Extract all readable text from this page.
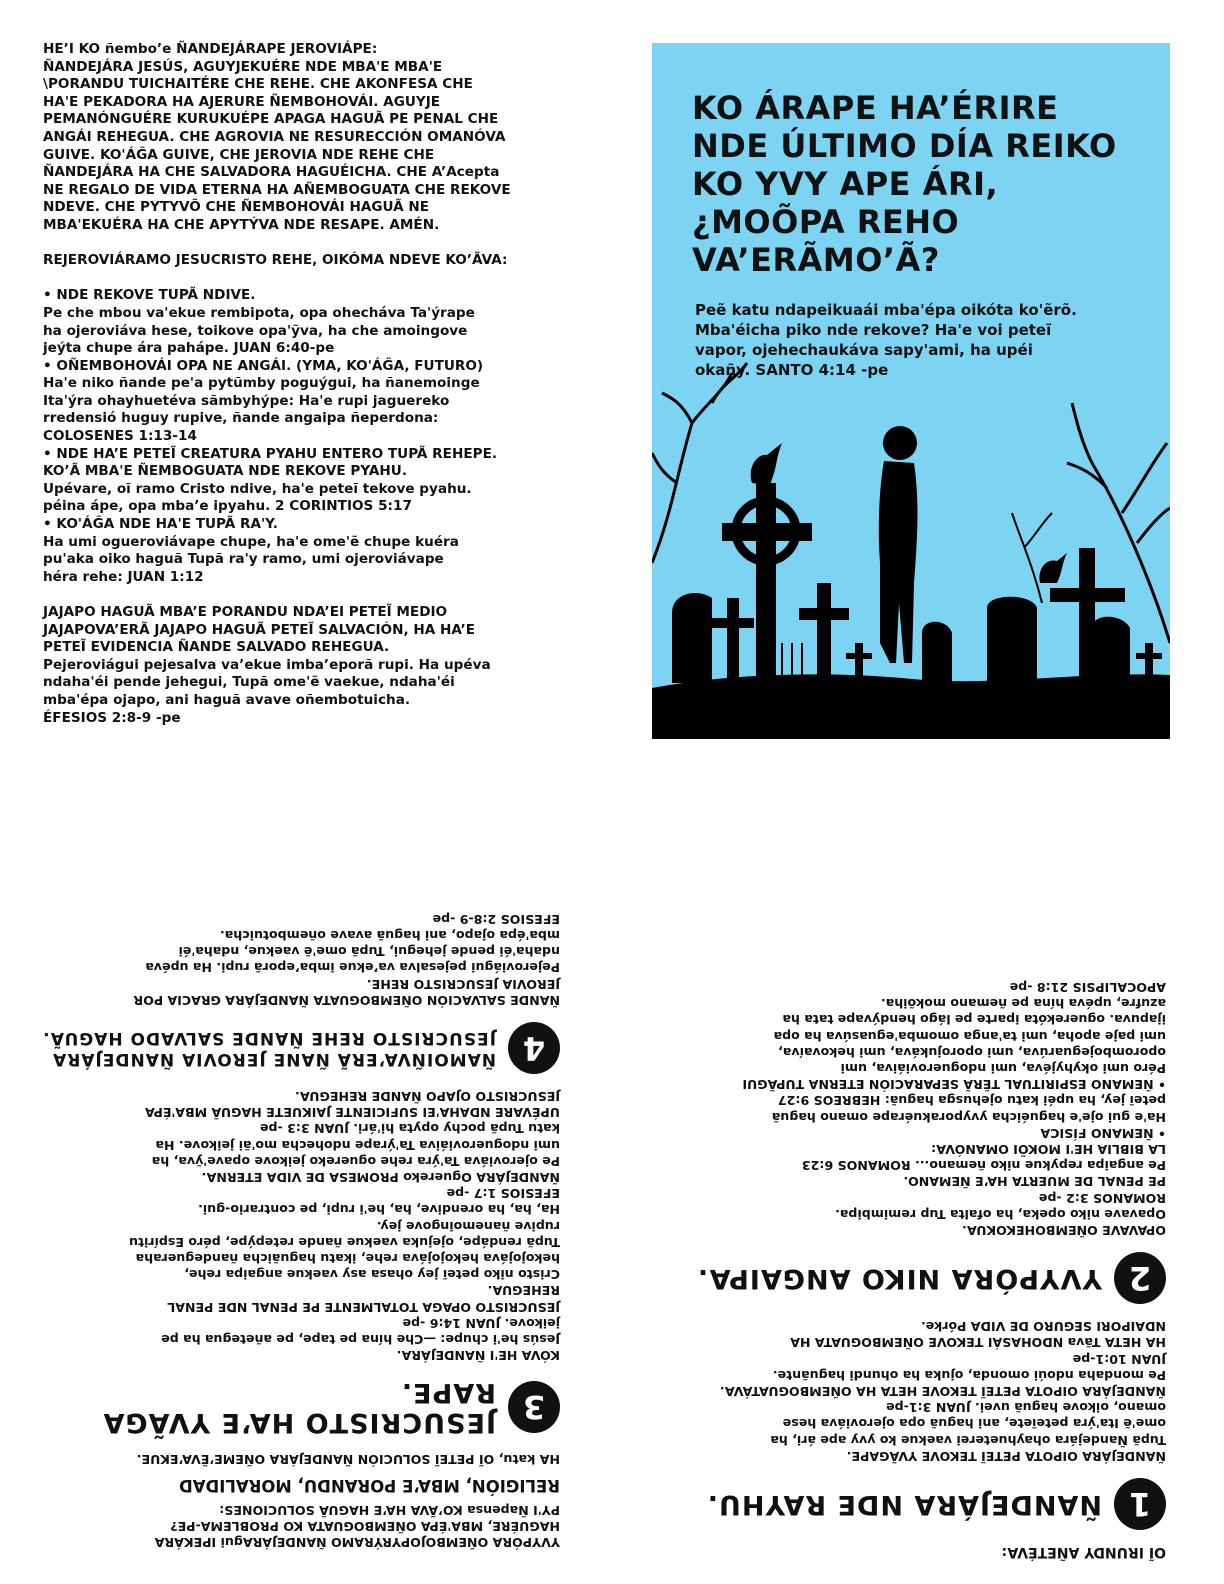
HE’I KO ñembo’e ÑANDEJÁRAPE JEROVIÁPE:
ÑANDEJÁRA JESÚS, AGUYJEKUÉRE NDE MBA'E MBA'E
\PORANDU TUICHAITÉRE CHE REHE. CHE AKONFESA CHE
HA'E PEKADORA HA AJERURE ÑEMBOHOVÁI. AGUYJE
PEMANÓNGUÉRE KURUKUÉPE APAGA HAGUÃ PE PENAL CHE
ANGÁI REHEGUA. CHE AGROVIA NE RESURECCIÓN OMANÓVA
GUIVE. KO'ÁĜA GUIVE, CHE JEROVIA NDE REHE CHE
ÑANDEJÁRA HA CHE SALVADORA HAGUÉICHA. CHE A’Acepta
NE REGALO DE VIDA ETERNA HA AÑEMBOGUATA CHE REKOVE
NDEVE. CHE PYTYVÕ CHE ÑEMBOHOVÁI HAGUÃ NE
MBA'EKUÉRA HA CHE APYTÝVA NDE RESAPE. AMÉN.

REJEROVIÁRAMO JESUCRISTO REHE, OIKÓMA NDEVE KO’ÃVA:

• NDE REKOVE TUPÃ NDIVE.
Pe che mbou va'ekue rembipota, opa ohecháva Ta'ýrape
ha ojeroviáva hese, toikove opa'ỹva, ha che amoingove
jeýta chupe ára paháре. JUAN 6:40-pe
• OÑEMBOHOVÁI OPA NE ANGÁI. (YMA, KO'ÁĜA, FUTURO)
Ha'e niko ñande pe'a pytũmby poguýgui, ha ñanemoinge
Ita'ýra ohayhuetéva sãmbyhýpe: Ha'e rupi jaguereko
rredensió huguy rupive, ñande angaipa ñeperdona:
COLOSENES 1:13-14
• NDE HA’E PETEĨ CREATURA PYAHU ENTERO TUPÃ REHEPE.
KO’Ã MBA'E ÑEMBOGUATA NDE REKOVE PYAHU.
Upévare, oĩ ramo Cristo ndive, ha'e peteĩ tekove pyahu.
péina ápe, opa mba’e ipyahu. 2 CORINTIOS 5:17
• KO'ÁĜA NDE HA'E TUPÃ RA'Y.
Ha umi ogueroviávape chupe, ha'e ome'ẽ chupe kuéra
pu'aka oiko haguã Tupã ra'y ramo, umi ojeroviávape
héra rehe: JUAN 1:12

JAJAPO HAGUÃ MBA’E PORANDU NDA’EI PETEĨ MEDIO
JAJAPOVA’ERÃ JAJAPO HAGUÃ PETEĨ SALVACIÓN, HA HA’E
PETEĨ EVIDENCIA ÑANDE SALVADO REHEGUA.
Pejeroviágui pejesalva va’ekue imba’eporã rupi. Ha upéva
ndaha'éi pende jehegui, Tupã ome'ẽ vaekue, ndaha'éi
mba'épa ojapo, ani haguã avave oñembotuicha.
ÉFESIOS 2:8-9 -pe

KO ÁRAPE HA’ÉRIRE
NDE ÚLTIMO DÍA REIKO
KO YVY APE ÁRI,
¿MOÕPA REHO
VA’ERÃMO’Ã?
Peẽ katu ndapeikuaái mba'épa oikóta ko'ẽrõ.
Mba'éicha piko nde rekove? Ha'e voi peteĩ
vapor, ojehechaukáva sapy'ami, ha upéi
okañy. SANTO 4:14 -pe

OĨ IRUNDY AÑETÉVA:

1
ÑANDEJÁRA NDE RAYHU.

ÑANDEJÁRA OIPOTA PETEĨ TEKOVE YVÃGAPE.
Tupã Ñandejára ohayhueterei vaekue ko yvy ape ári, ha
ome'ẽ Ita'ýra peteĩete, ani haguã opa ojeroviáva hese
omano, oikove haguã uvei. JUAN 3:1-pe
ÑANDEJÁRA OIPOTA PETEĨ TEKOVE HETA HA OÑEMBOGUATÁVA.
Pe mondaha ndoúi omonda, ojuka ha ohundi haguãnte.
JUAN 10:1-pe
HA HETA Tãva NDOHASÁI TEKOVE OÑEMBOGUATA HA
NDAIPORI SEGURO DE VIDA Pórke.

2
YVYPÓRA NIKO ANGAIPA.

OPAVAVE OÑEMBOHEKOKUA.
Opavave niko opeka, ha ofalta Tup remimbipa.
ROMANOS 3:2 -pe
PE PENAL DE MUERTA HA’E ÑEMANO.
Pe angaipa repykue niko ñemano... ROMANOS 6:23
LA BIBLIA HE'I MOKÕI OMANÓVA:
• ÑEMANO FÍSICA
Ha'e gui oje'e haguéicha yvyporakuérape omano haguã
peteĩ jey, ha upéi katu ojehusga haguã: HEBREOS 9:27
• ÑEMANO ESPIRITUAL TẼRÃ SEPARACIÓN ETERNA TUPÃGUI
Péro umi okyhyjéva, umi ndogueroviáiva, umi
oporombojeguarúva, umi oporojukáva, umi hekovaíva,
umi paje apoha, umi ta'anga omomba'eguasúva ha opa
ijapuva. oguerekóta iparte pe lágo hendývape tata ha
azufre, upéva hína pe ñemano mokõiha.
APOCALIPSIS 21:8 -pe

YVYPÓRA OÑEMBOJOPYRÝRAMO ÑANDEJÁRAgui IPEKÁRA
HAGUÉRE, MBA'ÉPA OÑEMBOGUATA KO PROBLEMA-PE?
PY'I Ñapensa KO’ÃVA HA’E HAGUÃ SOLUCIONES:

RELIGIÓN, MBA’E PORANDU, MORALIDAD

HA katu, OĨ PETEĨ SOLUCIÓN ÑANDEJÁRA OÑEME’ẼVA’EKUE.

3
JESUCRISTO HA’E YVÃGA
RAPE.

KÓVA HE'I ÑANDEJÁRA.
Jesús he'i chupe: —Che hína pe tape, pe añetegua ha pe
jeikove. JUAN 14:6 -pe
JESUCRISTO OPAGA TOTALMENTE PE PENAL NDE PENAL
REHEGUA.
Cristo niko peteĩ jey ohasa asy vaekue angaipa rehe,
hekojojáva hekojojáva rehe, ikatu haguãicha ñandegueraha
Tupã rendápe, ojejuka vaekue ñande retepýpe, péro Espíritu
rupive ñanemoingove jey.
Ha, ha, ha orendive, ha, he'i rupi, pe contrario-gui.
EFESIOS 1:7 -pe
ÑANDEJÁRA Oguereko PROMESA DE VIDA ETERNA.
Pe ojeroviáva Ta'ýra rehe oguereko jeikove opave'ỹva, ha
umi ndogueroviáiva Ta'ýrape ndohecha mo'ãi jeikove. Ha
katu Tupã pochy opyta hi'ári. JUAN 3:3 -pe
UPÉVARE NDAHA'EI SUFICIENTE JAIKUETE HAGUÃ MBA'ÉPA
JESUCRISTO OJAPO ÑANDE REHEGUA.

4
ÑAMOIÑVA’ERÃ ÑANE JEROVIA ÑANDEJÁRA
JESUCRISTO REHE ÑANDE SALVADO HAGUÃ.

ÑANDE SALVACIÓN OÑEMBOGUATA ÑANDEJÁRA GRACIA POR
JEROVIA JESUCRISTO REHE.
Pejeroviágui pejesalva va’ekue imba’eporã rupi. Ha upéva
ndaha'éi pende jehegui, Tupã ome'ẽ vaekue, ndaha'éi
mba'épa ojapo, ani haguã avave oñembotuicha.
EFESIOS 2:8-9 -pe
